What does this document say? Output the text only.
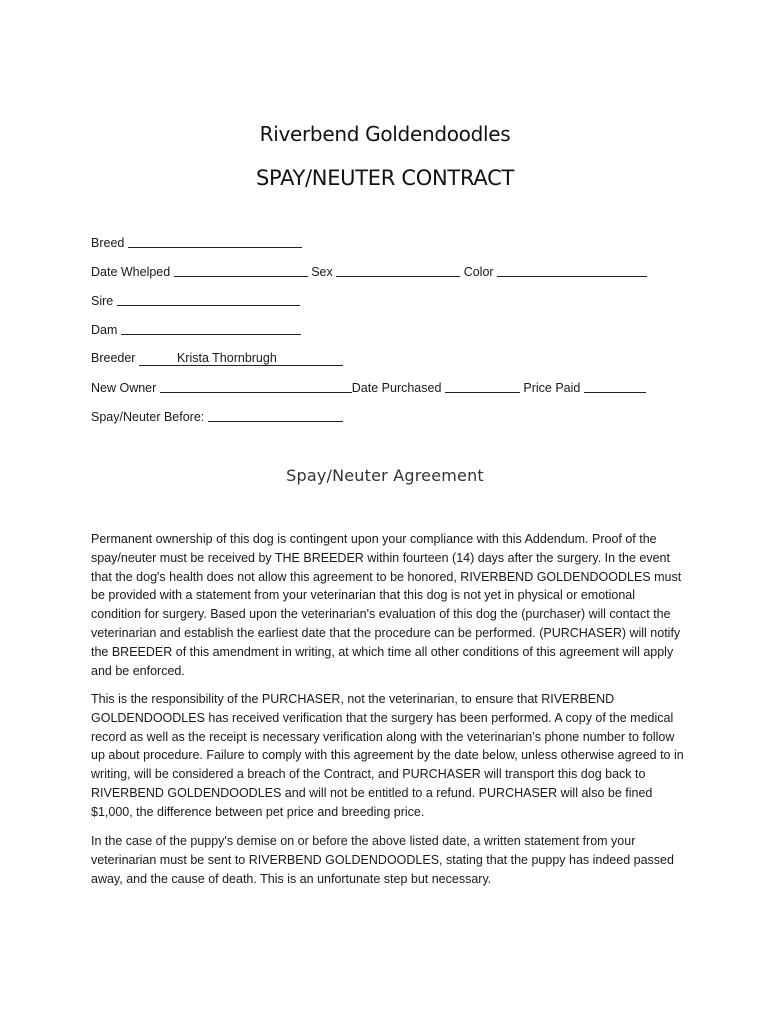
Riverbend Goldendoodles
SPAY/NEUTER CONTRACT
Breed
Date Whelped	Sex	Color
Sire
Dam
Breeder	Krista Thornbrugh
New Owner	Date Purchased	Price Paid
Spay/Neuter Before:
Spay/Neuter Agreement

Permanent ownership of this dog is contingent upon your compliance with this Addendum. Proof of the spay/neuter must be received by THE BREEDER within fourteen (14) days after the surgery. In the event that the dog's health does not allow this agreement to be honored, RIVERBEND GOLDENDOODLES must be provided with a statement from your veterinarian that this dog is not yet in physical or emotional condition for surgery. Based upon the veterinarian's evaluation of this dog the (purchaser) will contact the veterinarian and establish the earliest date that the procedure can be performed. (PURCHASER) will notify the BREEDER of this amendment in writing, at which time all other conditions of this agreement will apply and be enforced.

This is the responsibility of the PURCHASER, not the veterinarian, to ensure that RIVERBEND GOLDENDOODLES has received verification that the surgery has been performed. A copy of the medical record as well as the receipt is necessary verification along with the veterinarian’s phone number to follow up about procedure. Failure to comply with this agreement by the date below, unless otherwise agreed to in writing, will be considered a breach of the Contract, and PURCHASER will transport this dog back to RIVERBEND GOLDENDOODLES and will not be entitled to a refund. PURCHASER will also be fined $1,000, the difference between pet price and breeding price.

In the case of the puppy's demise on or before the above listed date, a written statement from your veterinarian must be sent to RIVERBEND GOLDENDOODLES, stating that the puppy has indeed passed away, and the cause of death. This is an unfortunate step but necessary.
